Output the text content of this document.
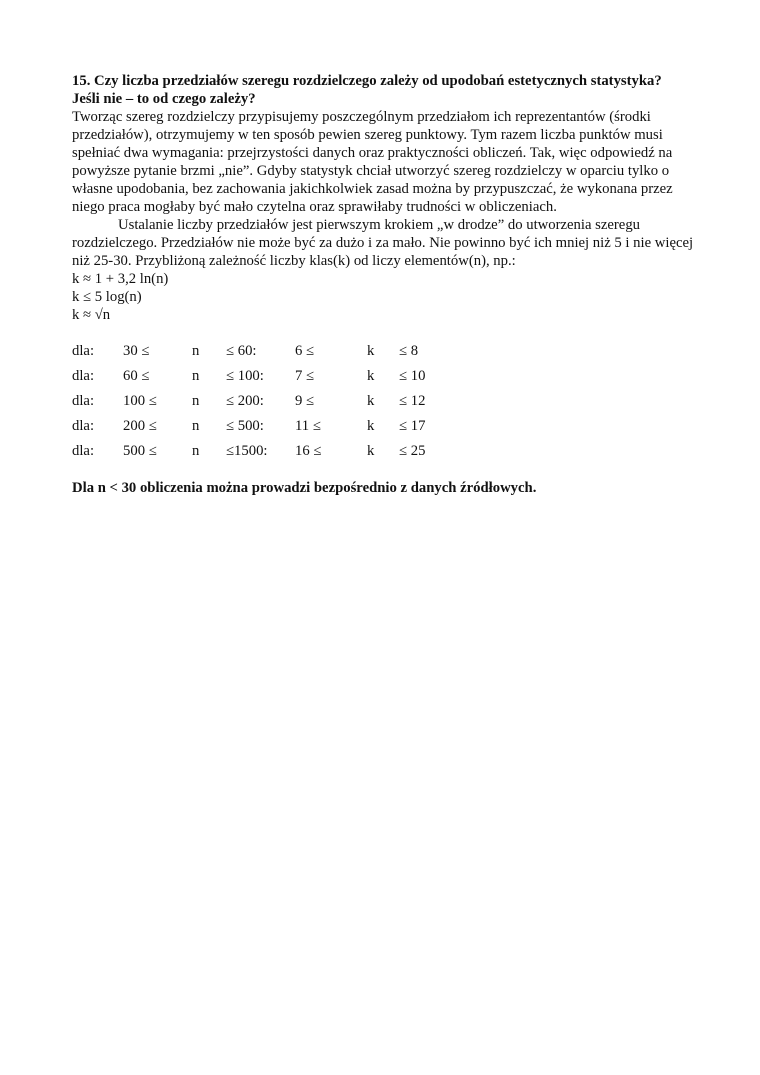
15. Czy liczba przedziałów szeregu rozdzielczego zależy od upodobań estetycznych statystyka?
Jeśli nie – to od czego zależy?

Tworząc szereg rozdzielczy przypisujemy poszczególnym przedziałom ich reprezentantów (środki przedziałów), otrzymujemy w ten sposób pewien szereg punktowy. Tym razem liczba punktów musi spełniać dwa wymagania: przejrzystości danych oraz praktyczności obliczeń. Tak, więc odpowiedź na powyższe pytanie brzmi „nie”. Gdyby statystyk chciał utworzyć szereg rozdzielczy w oparciu tylko o własne upodobania, bez zachowania jakichkolwiek zasad można by przypuszczać, że wykonana przez niego praca mogłaby być mało czytelna oraz sprawiłaby trudności w obliczeniach.

Ustalanie liczby przedziałów jest pierwszym krokiem „w drodze” do utworzenia szeregu rozdzielczego. Przedziałów nie może być za dużo i za mało. Nie powinno być ich mniej niż 5 i nie więcej niż 25-30. Przybliżoną zależność liczby klas(k) od liczy elementów(n), np.:

k ≈ 1 + 3,2 ln(n)

k ≤ 5 log(n)

k ≈ √n

dla:	30 ≤	n	≤ 60:	6 ≤	k	≤ 8
dla:	60 ≤	n	≤ 100:	7 ≤	k	≤ 10
dla:	100 ≤	n	≤ 200:	9 ≤	k	≤ 12
dla:	200 ≤	n	≤ 500:	11 ≤	k	≤ 17
dla:	500 ≤	n	≤1500:	16 ≤	k	≤ 25

Dla n < 30 obliczenia można prowadzi bezpośrednio z danych źródłowych.
